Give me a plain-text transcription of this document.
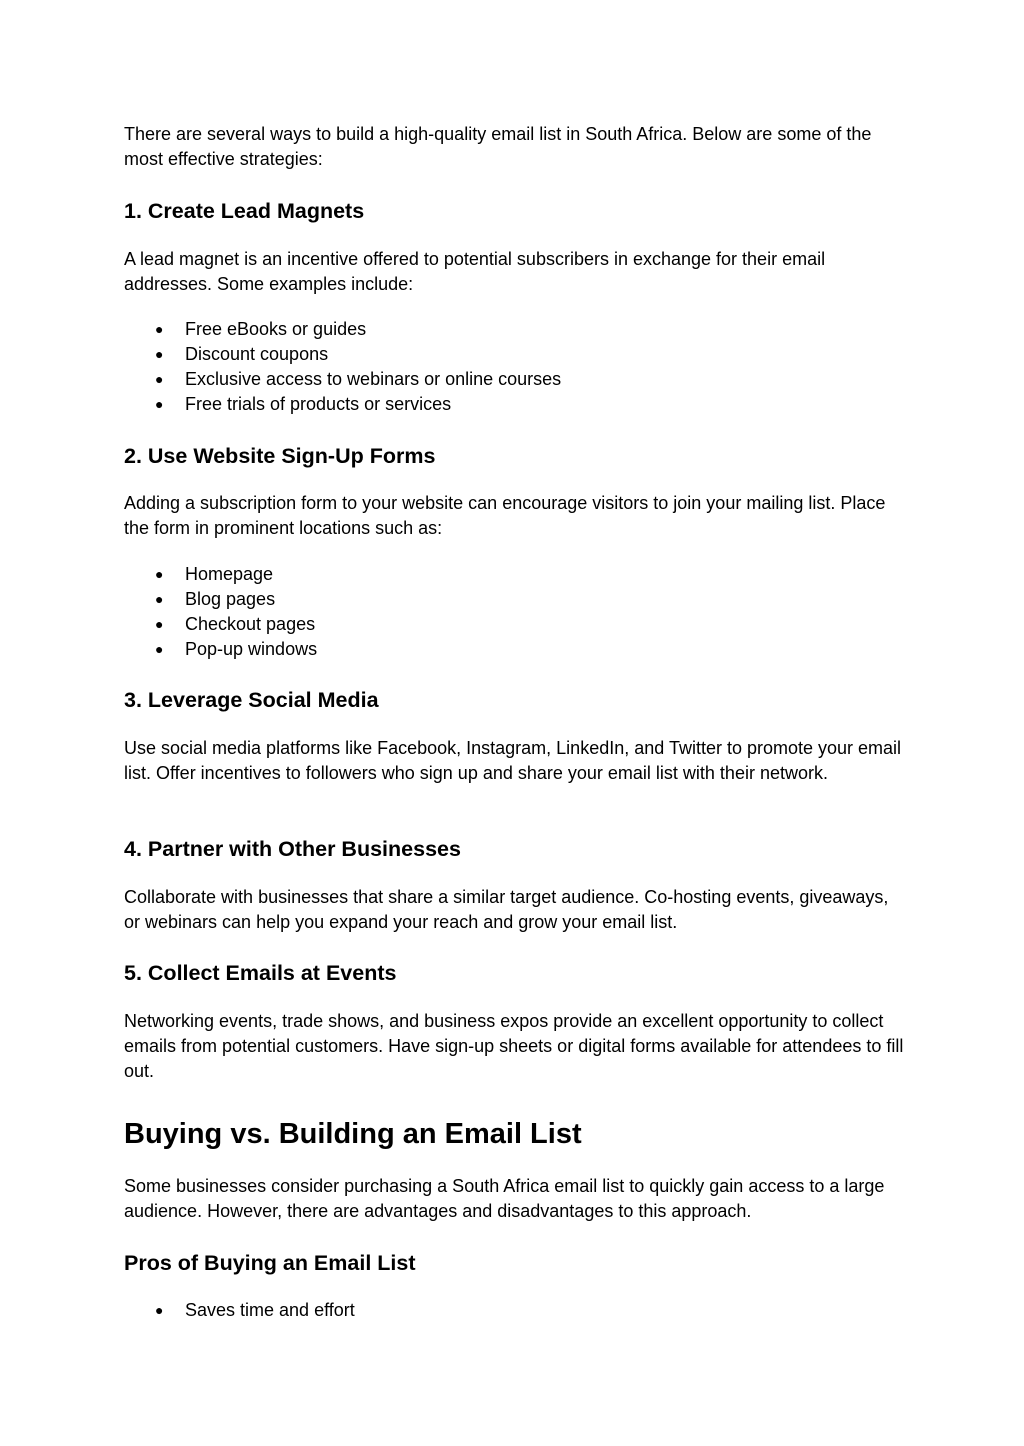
There are several ways to build a high-quality email list in South Africa. Below are some of the most effective strategies:

1. Create Lead Magnets

A lead magnet is an incentive offered to potential subscribers in exchange for their email addresses. Some examples include:

● Free eBooks or guides
● Discount coupons
● Exclusive access to webinars or online courses
● Free trials of products or services
2. Use Website Sign-Up Forms

Adding a subscription form to your website can encourage visitors to join your mailing list. Place the form in prominent locations such as:

● Homepage
● Blog pages
● Checkout pages
● Pop-up windows
3. Leverage Social Media

Use social media platforms like Facebook, Instagram, LinkedIn, and Twitter to promote your email list. Offer incentives to followers who sign up and share your email list with their network.

4. Partner with Other Businesses

Collaborate with businesses that share a similar target audience. Co-hosting events, giveaways, or webinars can help you expand your reach and grow your email list.

5. Collect Emails at Events

Networking events, trade shows, and business expos provide an excellent opportunity to collect emails from potential customers. Have sign-up sheets or digital forms available for attendees to fill out.

Buying vs. Building an Email List

Some businesses consider purchasing a South Africa email list to quickly gain access to a large audience. However, there are advantages and disadvantages to this approach.

Pros of Buying an Email List
● Saves time and effort
